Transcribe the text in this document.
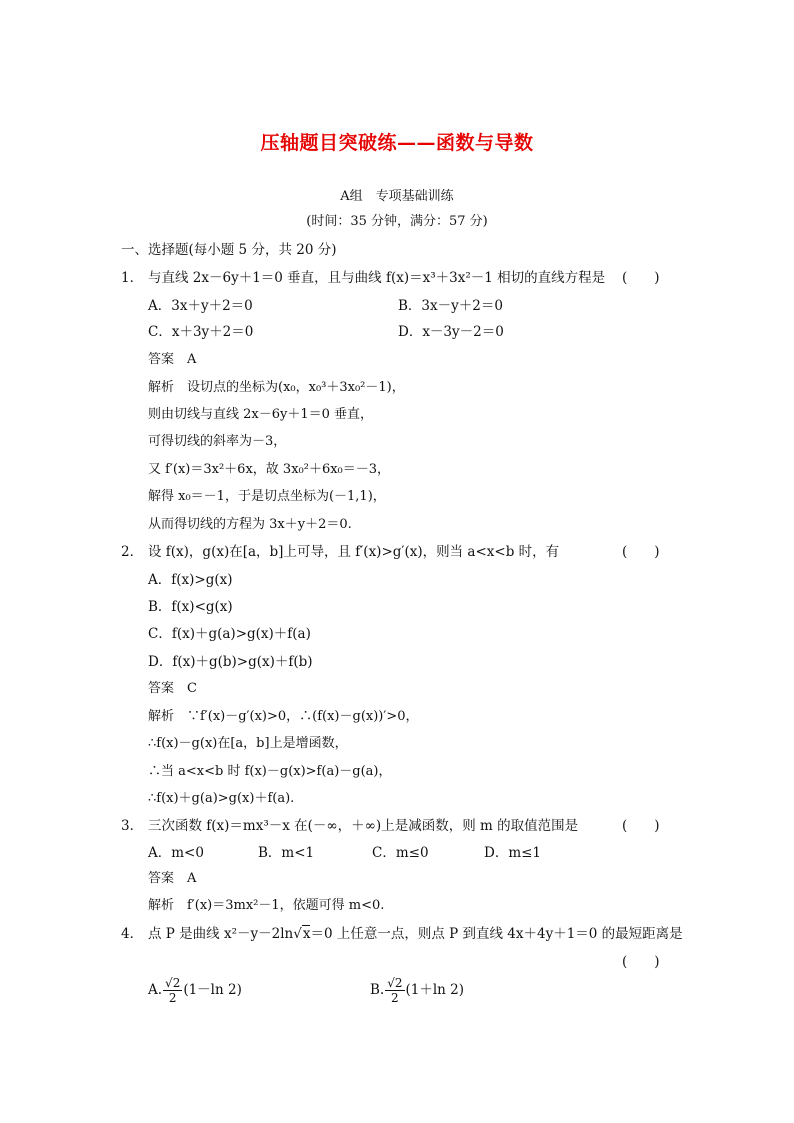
压轴题目突破练——函数与导数
A组　专项基础训练
(时间：35 分钟，满分：57 分)
一、选择题(每小题 5 分，共 20 分)
1． 与直线 2x－6y＋1＝0 垂直，且与曲线 f(x)＝x³＋3x²－1 相切的直线方程是 (　　)
A．3x＋y＋2＝0	B．3x－y＋2＝0
C．x＋3y＋2＝0	D．x－3y－2＝0
答案　A
解析　设切点的坐标为(x₀，x₀³＋3x₀²－1)，
则由切线与直线 2x－6y＋1＝0 垂直，
可得切线的斜率为－3，
又 f′(x)＝3x²＋6x，故 3x₀²＋6x₀＝－3，
解得 x₀＝－1，于是切点坐标为(－1,1)，
从而得切线的方程为 3x＋y＋2＝0.
2． 设 f(x)，g(x)在[a，b]上可导，且 f′(x)>g′(x)，则当 a<x<b 时，有	(　　)
A．f(x)>g(x)
B．f(x)<g(x)
C．f(x)＋g(a)>g(x)＋f(a)
D．f(x)＋g(b)>g(x)＋f(b)
答案　C
解析　∵f′(x)－g′(x)>0，∴(f(x)－g(x))′>0，
∴f(x)－g(x)在[a，b]上是增函数，
∴当 a<x<b 时 f(x)－g(x)>f(a)－g(a)，
∴f(x)＋g(a)>g(x)＋f(a).
3． 三次函数 f(x)＝mx³－x 在(－∞，＋∞)上是减函数，则 m 的取值范围是	(　　)
A．m<0	B．m<1	C．m≤0	D．m≤1
答案　A
解析　f′(x)＝3mx²－1，依题可得 m<0.
4． 点 P 是曲线 x²－y－2ln√x＝0 上任意一点，则点 P 到直线 4x＋4y＋1＝0 的最短距离是
(　　)
A. $\frac{√2}{2} (1-\ln$ 2)	B. $\frac{√2}{2} (1+\ln$ 2)
